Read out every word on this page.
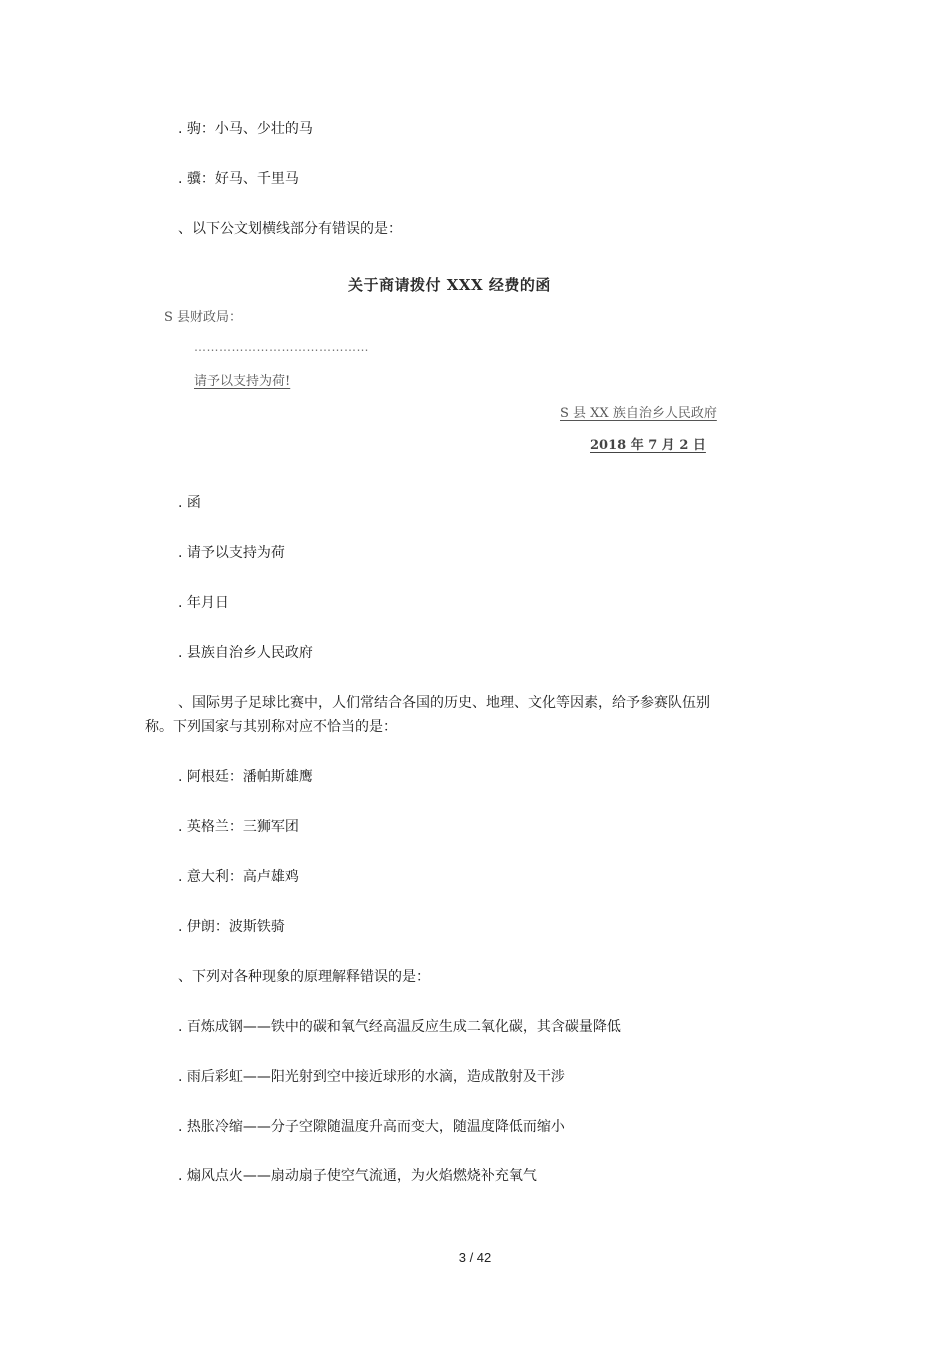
. 驹：小马、少壮的马
. 骥：好马、千里马
、以下公文划横线部分有错误的是：
关于商请拨付 XXX 经费的函
S 县财政局：
……………………………………
请予以支持为荷!
S 县 XX 族自治乡人民政府
2018 年 7 月 2 日
. 函
. 请予以支持为荷
. 年月日
. 县族自治乡人民政府
、国际男子足球比赛中，人们常结合各国的历史、地理、文化等因素，给予参赛队伍别
称。下列国家与其别称对应不恰当的是：
. 阿根廷：潘帕斯雄鹰
. 英格兰：三狮军团
. 意大利：高卢雄鸡
. 伊朗：波斯铁骑
、下列对各种现象的原理解释错误的是：
. 百炼成钢——铁中的碳和氧气经高温反应生成二氧化碳，其含碳量降低
. 雨后彩虹——阳光射到空中接近球形的水滴，造成散射及干涉
. 热胀冷缩——分子空隙随温度升高而变大，随温度降低而缩小
. 煽风点火——扇动扇子使空气流通，为火焰燃烧补充氧气
3 / 42
